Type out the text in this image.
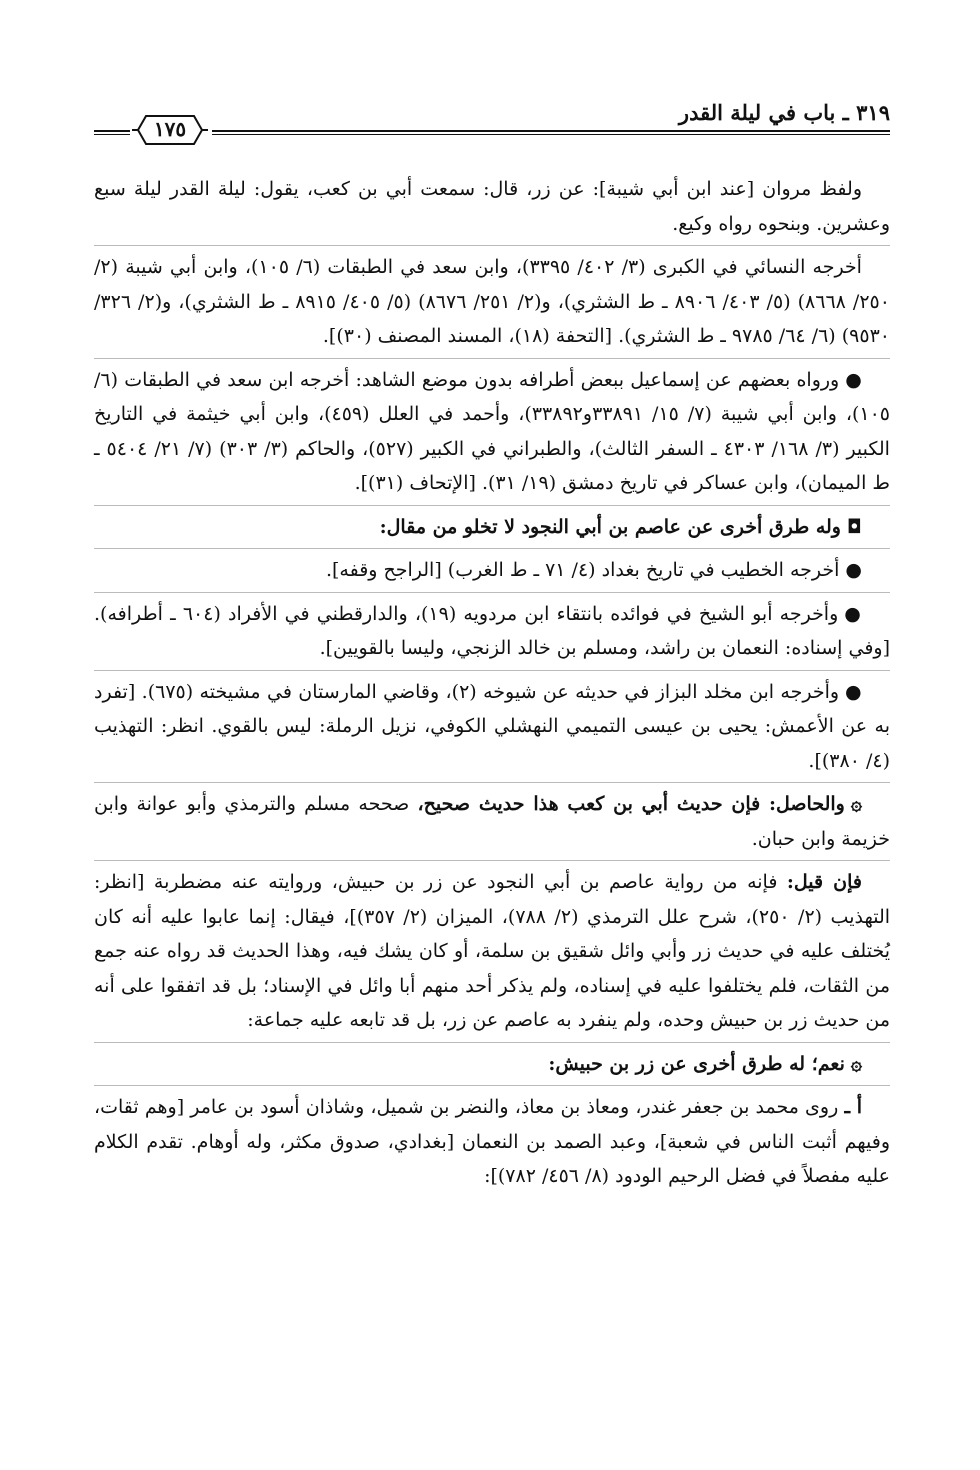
٣١٩ ـ باب في ليلة القدر
١٧٥

ولفظ مروان [عند ابن أبي شيبة]: عن زر، قال: سمعت أبي بن كعب، يقول: ليلة القدر ليلة سبع وعشرين. وبنحوه رواه وكيع.

أخرجه النسائي في الكبرى (٣/ ٤٠٢/ ٣٣٩٥)، وابن سعد في الطبقات (٦/ ١٠٥)، وابن أبي شيبة (٢/ ٢٥٠/ ٨٦٦٨) (٥/ ٤٠٣/ ٨٩٠٦ ـ ط الشثري)، و(٢/ ٢٥١/ ٨٦٧٦) (٥/ ٤٠٥/ ٨٩١٥ ـ ط الشثري)، و(٢/ ٣٢٦/ ٩٥٣٠) (٦/ ٦٤/ ٩٧٨٥ ـ ط الشثري). [التحفة (١٨)، المسند المصنف (٣٠)].

●ورواه بعضهم عن إسماعيل ببعض أطرافه بدون موضع الشاهد: أخرجه ابن سعد في الطبقات (٦/ ١٠٥)، وابن أبي شيبة (٧/ ١٥/ ٣٣٨٩١و٣٣٨٩٢)، وأحمد في العلل (٤٥٩)، وابن أبي خيثمة في التاريخ الكبير (٣/ ١٦٨/ ٤٣٠٣ ـ السفر الثالث)، والطبراني في الكبير (٥٢٧)، والحاكم (٣/ ٣٠٣) (٧/ ٢١/ ٥٤٠٤ ـ ط الميمان)، وابن عساكر في تاريخ دمشق (١٩/ ٣١). [الإتحاف (٣١)].

◘وله طرق أخرى عن عاصم بن أبي النجود لا تخلو من مقال:

●أخرجه الخطيب في تاريخ بغداد (٤/ ٧١ ـ ط الغرب) [الراجح وقفه].

●وأخرجه أبو الشيخ في فوائده بانتقاء ابن مردويه (١٩)، والدارقطني في الأفراد (٦٠٤ ـ أطرافه). [وفي إسناده: النعمان بن راشد، ومسلم بن خالد الزنجي، وليسا بالقويين].

●وأخرجه ابن مخلد البزاز في حديثه عن شيوخه (٢)، وقاضي المارستان في مشيخته (٦٧٥). [تفرد به عن الأعمش: يحيى بن عيسى التميمي النهشلي الكوفي، نزيل الرملة: ليس بالقوي. انظر: التهذيب (٤/ ٣٨٠)].

۞والحاصل: فإن حديث أبي بن كعب هذا حديث صحيح، صححه مسلم والترمذي وأبو عوانة وابن خزيمة وابن حبان.

فإن قيل: فإنه من رواية عاصم بن أبي النجود عن زر بن حبيش، وروايته عنه مضطربة [انظر: التهذيب (٢/ ٢٥٠)، شرح علل الترمذي (٢/ ٧٨٨)، الميزان (٢/ ٣٥٧)]، فيقال: إنما عابوا عليه أنه كان يُختلف عليه في حديث زر وأبي وائل شقيق بن سلمة، أو كان يشك فيه، وهذا الحديث قد رواه عنه جمع من الثقات، فلم يختلفوا عليه في إسناده، ولم يذكر أحد منهم أبا وائل في الإسناد؛ بل قد اتفقوا على أنه من حديث زر بن حبيش وحده، ولم ينفرد به عاصم عن زر، بل قد تابعه عليه جماعة:

۞نعم؛ له طرق أخرى عن زر بن حبيش:

أ ـ روى محمد بن جعفر غندر، ومعاذ بن معاذ، والنضر بن شميل، وشاذان أسود بن عامر [وهم ثقات، وفيهم أثبت الناس في شعبة]، وعبد الصمد بن النعمان [بغدادي، صدوق مكثر، وله أوهام. تقدم الكلام عليه مفصلاً في فضل الرحيم الودود (٨/ ٤٥٦/ ٧٨٢)]:
